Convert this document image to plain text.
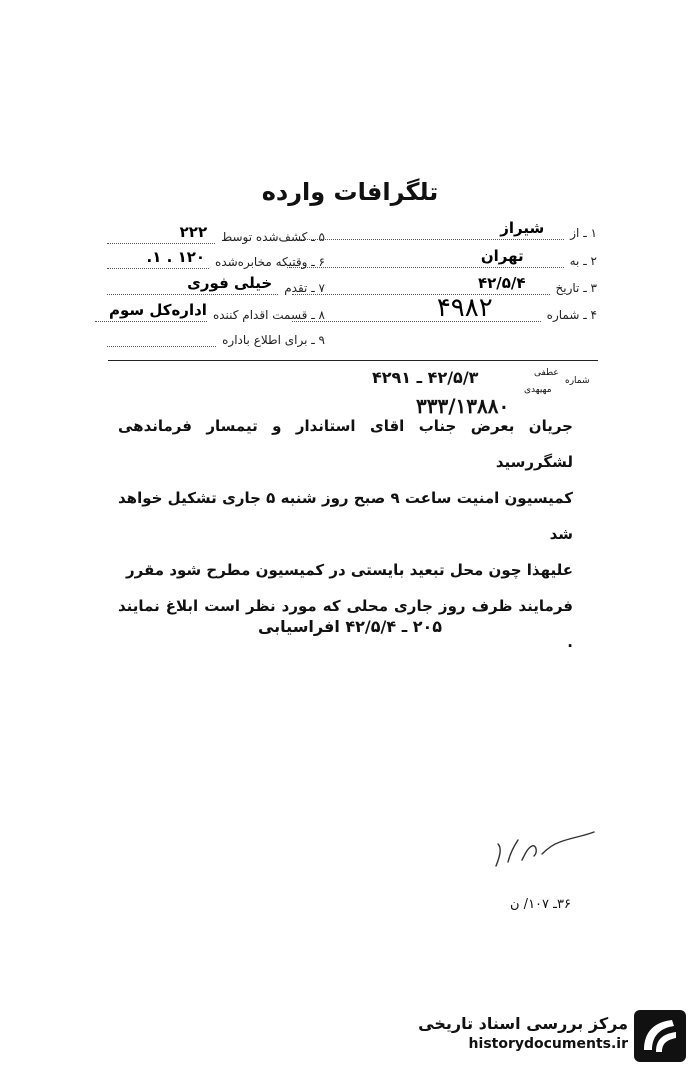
تلگرافات وارده
۱ ـ از
شیراز
۲ ـ به
تهران
۳ ـ تاریخ
۴۲/۵/۴
۴ ـ شماره
۴۹۸۲
۵ ـ کشف‌شده توسط
۲۲۲
۶ ـ وقتیکه مخابره‌شده
۱۲۰ . ۱.
۷ ـ تقدم
خیلی فوری
۸ ـ قسمت اقدام کننده
اداره‌کل سوم
۹ ـ برای اطلاع باداره
شماره
عطفی
مهیهدی
۴۲/۵/۳ ـ ۴۲۹۱
۳۳۳/۱۳۸۸۰
جریان بعرض جناب اقای استاندار و تیمسار فرماندهی لشگررسید
کمیسیون امنیت ساعت ۹ صبح روز شنبه ۵ جاری تشکیل خواهد شد
علیهذا چون محل تبعید بایستی در کمیسیون مطرح شود مقرر
فرمایند ظرف روز جاری محلی که مورد نظر است ابلاغ نمایند .
۲۰۵ ـ ۴۲/۵/۴ افراسیابی
۳۶ـ ۱۰۷/ ن
مرکز بررسی اسناد تاریخی
historydocuments.ir
